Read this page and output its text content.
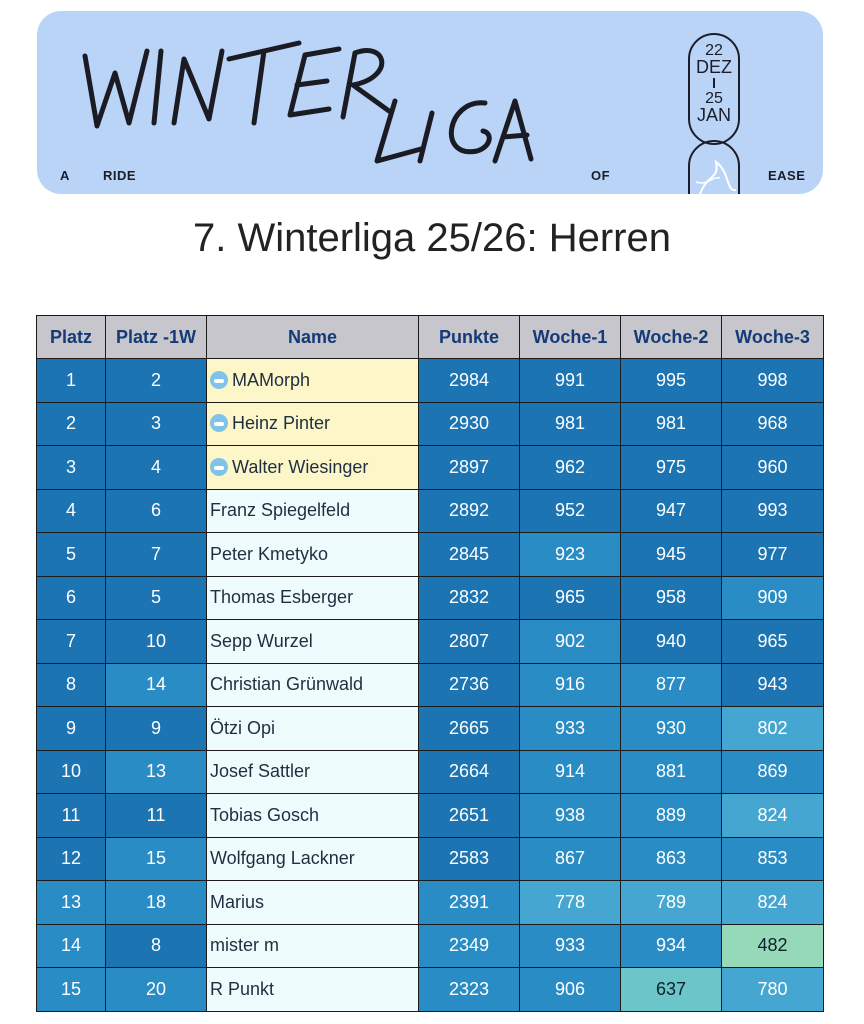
A	RIDE	OF	EASE
22
DEZ
25
JAN
7. Winterliga 25/26: Herren
Platz	Platz -1W	Name	Punkte	Woche-1	Woche-2	Woche-3
1	2	MAMorph	2984	991	995	998
2	3	Heinz Pinter	2930	981	981	968
3	4	Walter Wiesinger	2897	962	975	960
4	6	Franz Spiegelfeld	2892	952	947	993
5	7	Peter Kmetyko	2845	923	945	977
6	5	Thomas Esberger	2832	965	958	909
7	10	Sepp Wurzel	2807	902	940	965
8	14	Christian Grünwald	2736	916	877	943
9	9	Ötzi Opi	2665	933	930	802
10	13	Josef Sattler	2664	914	881	869
11	11	Tobias Gosch	2651	938	889	824
12	15	Wolfgang Lackner	2583	867	863	853
13	18	Marius	2391	778	789	824
14	8	mister m	2349	933	934	482
15	20	R Punkt	2323	906	637	780
